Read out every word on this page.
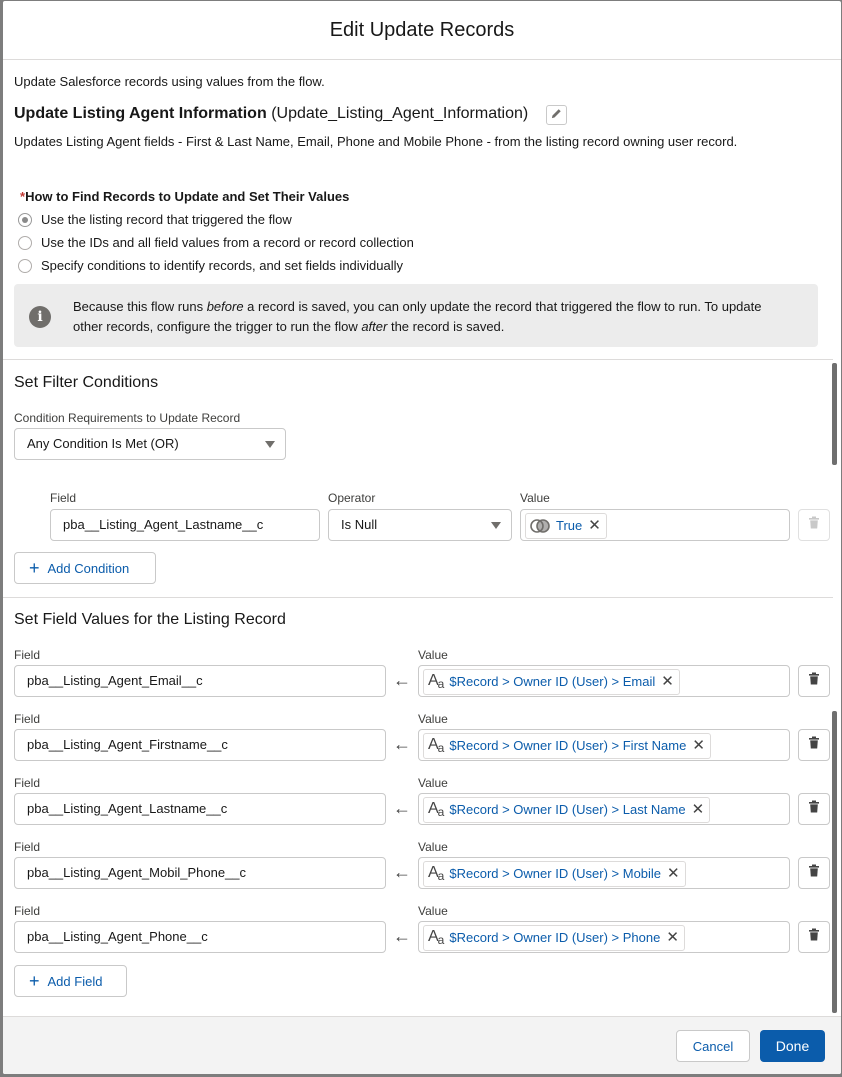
Edit Update Records
Update Salesforce records using values from the flow.
Update Listing Agent Information (Update_Listing_Agent_Information)
Updates Listing Agent fields - First & Last Name, Email, Phone and Mobile Phone - from the listing record owning user record.
*How to Find Records to Update and Set Their Values
Use the listing record that triggered the flow
Use the IDs and all field values from a record or record collection
Specify conditions to identify records, and set fields individually
i
Because this flow runs before a record is saved, you can only update the record that triggered the flow to run. To update
other records, configure the trigger to run the flow after the record is saved.
Set Filter Conditions
Condition Requirements to Update Record
Any Condition Is Met (OR)
Field	Operator	Value
pba__Listing_Agent_Lastname__c	Is Null	True ✕
+ Add Condition
Set Field Values for the Listing Record
Field	Value
pba__Listing_Agent_Email__c	← $A_a$ $Record > Owner ID (User) > Email ✕
Field	Value
pba__Listing_Agent_Firstname__c	← $A_a$ $Record > Owner ID (User) > First Name ✕
Field	Value
pba__Listing_Agent_Lastname__c	← $A_a$ $Record > Owner ID (User) > Last Name ✕
Field	Value
pba__Listing_Agent_Mobil_Phone__c	← $A_a$ $Record > Owner ID (User) > Mobile ✕
Field	Value
pba__Listing_Agent_Phone__c	← $A_a$ $Record > Owner ID (User) > Phone ✕
+ Add Field
Cancel	Done
